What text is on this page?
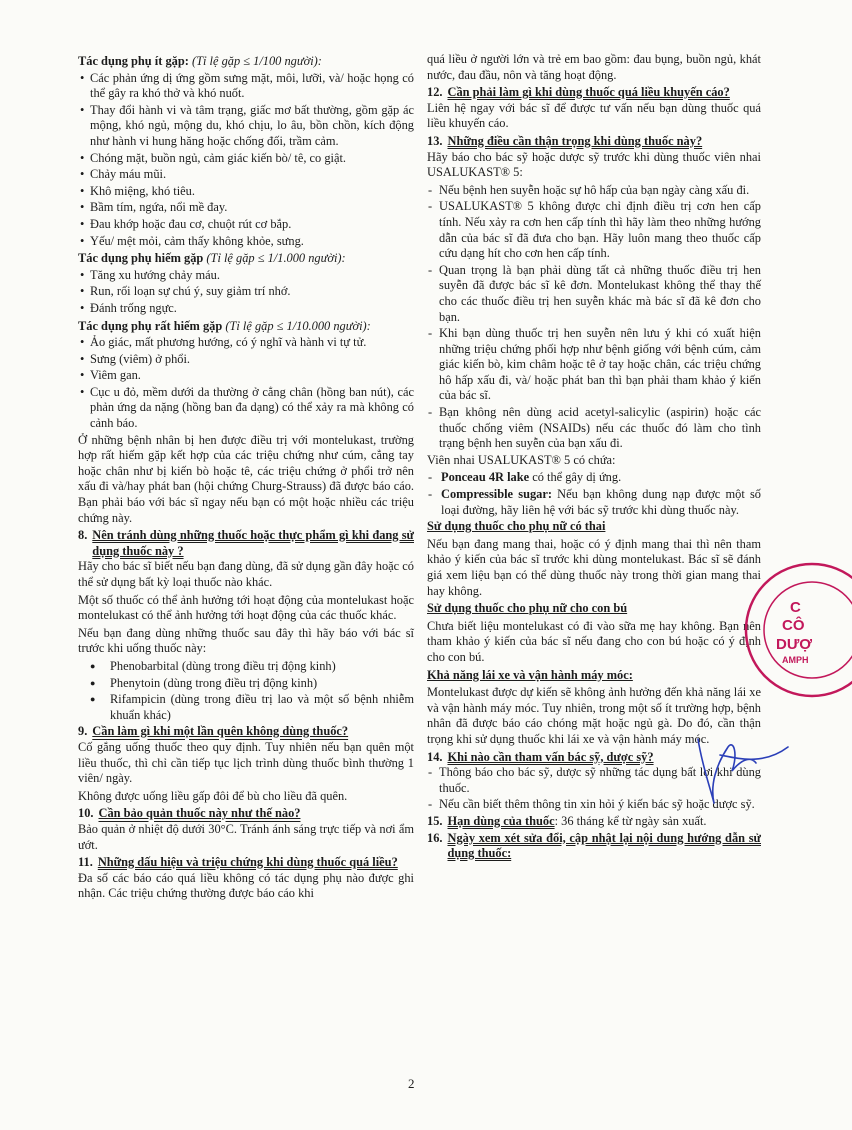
Tác dụng phụ ít gặp: (Tỉ lệ gặp ≤ 1/100 người):

• Các phản ứng dị ứng gồm sưng mặt, môi, lưỡi, và/ hoặc họng có thể gây ra khó thở và khó nuốt.
• Thay đổi hành vi và tâm trạng, giấc mơ bất thường, gồm gặp ác mộng, khó ngủ, mộng du, khó chịu, lo âu, bồn chồn, kích động như hành vi hung hăng hoặc chống đối, trầm cảm.
• Chóng mặt, buồn ngủ, cảm giác kiến bò/ tê, co giật.
• Chảy máu mũi.
• Khô miệng, khó tiêu.
• Bầm tím, ngứa, nổi mề đay.
• Đau khớp hoặc đau cơ, chuột rút cơ bắp.
• Yếu/ mệt mỏi, cảm thấy không khỏe, sưng.

Tác dụng phụ hiếm gặp (Tỉ lệ gặp ≤ 1/1.000 người):

• Tăng xu hướng chảy máu.
• Run, rối loạn sự chú ý, suy giảm trí nhớ.
• Đánh trống ngực.

Tác dụng phụ rất hiếm gặp (Tỉ lệ gặp ≤ 1/10.000 người):

• Ảo giác, mất phương hướng, có ý nghĩ và hành vi tự tử.
• Sưng (viêm) ở phổi.
• Viêm gan.
• Cục u đỏ, mềm dưới da thường ở cẳng chân (hồng ban nút), các phản ứng da nặng (hồng ban đa dạng) có thể xảy ra mà không có cảnh báo.

Ở những bệnh nhân bị hen được điều trị với montelukast, trường hợp rất hiếm gặp kết hợp của các triệu chứng như cúm, cẳng tay hoặc chân như bị kiến bò hoặc tê, các triệu chứng ở phổi trở nên xấu đi và/hay phát ban (hội chứng Churg-Strauss) đã được báo cáo. Bạn phải báo với bác sĩ ngay nếu bạn có một hoặc nhiều các triệu chứng này.

8. Nên tránh dùng những thuốc hoặc thực phẩm gì khi đang sử dụng thuốc này ?

Hãy cho bác sĩ biết nếu bạn đang dùng, đã sử dụng gần đây hoặc có thể sử dụng bất kỳ loại thuốc nào khác.

Một số thuốc có thể ảnh hưởng tới hoạt động của montelukast hoặc montelukast có thể ảnh hưởng tới hoạt động của các thuốc khác.

Nếu bạn đang dùng những thuốc sau đây thì hãy báo với bác sĩ trước khi uống thuốc này:

● Phenobarbital (dùng trong điều trị động kinh)
● Phenytoin (dùng trong điều trị động kinh)
● Rifampicin (dùng trong điều trị lao và một số bệnh nhiễm khuẩn khác)
9. Cần làm gì khi một lần quên không dùng thuốc?

Cố gắng uống thuốc theo quy định. Tuy nhiên nếu bạn quên một liều thuốc, thì chỉ cần tiếp tục lịch trình dùng thuốc bình thường 1 viên/ ngày.

Không được uống liều gấp đôi để bù cho liều đã quên.

10. Cần bảo quản thuốc này như thế nào?

Bảo quản ở nhiệt độ dưới 30°C. Tránh ánh sáng trực tiếp và nơi ẩm ướt.

11. Những dấu hiệu và triệu chứng khi dùng thuốc quá liều?

Đa số các báo cáo quá liều không có tác dụng phụ nào được ghi nhận. Các triệu chứng thường được báo cáo khi

quá liều ở người lớn và trẻ em bao gồm: đau bụng, buồn ngủ, khát nước, đau đầu, nôn và tăng hoạt động.

12. Cần phải làm gì khi dùng thuốc quá liều khuyến cáo?

Liên hệ ngay với bác sĩ để được tư vấn nếu bạn dùng thuốc quá liều khuyến cáo.

13. Những điều cần thận trọng khi dùng thuốc này?

Hãy báo cho bác sỹ hoặc dược sỹ trước khi dùng thuốc viên nhai USALUKAST® 5:

- Nếu bệnh hen suyễn hoặc sự hô hấp của bạn ngày càng xấu đi.
- USALUKAST® 5 không được chỉ định điều trị cơn hen cấp tính. Nếu xảy ra cơn hen cấp tính thì hãy làm theo những hướng dẫn của bác sĩ đã đưa cho bạn. Hãy luôn mang theo thuốc cấp cứu dạng hít cho cơn hen cấp tính.
- Quan trọng là bạn phải dùng tất cả những thuốc điều trị hen suyễn đã được bác sĩ kê đơn. Montelukast không thể thay thế cho các thuốc điều trị hen suyễn khác mà bác sĩ đã kê đơn cho bạn.
- Khi bạn dùng thuốc trị hen suyễn nên lưu ý khi có xuất hiện những triệu chứng phối hợp như bệnh giống với bệnh cúm, cảm giác kiến bò, kim châm hoặc tê ở tay hoặc chân, các triệu chứng hô hấp xấu đi, và/ hoặc phát ban thì bạn phải tham khảo ý kiến của bác sĩ.
- Bạn không nên dùng acid acetyl-salicylic (aspirin) hoặc các thuốc chống viêm (NSAIDs) nếu các thuốc đó làm cho tình trạng bệnh hen suyễn của bạn xấu đi.

Viên nhai USALUKAST® 5 có chứa:

- Ponceau 4R lake có thể gây dị ứng.
- Compressible sugar: Nếu bạn không dung nạp được một số loại đường, hãy liên hệ với bác sỹ trước khi dùng thuốc này.

Sử dụng thuốc cho phụ nữ có thai

Nếu bạn đang mang thai, hoặc có ý định mang thai thì nên tham khảo ý kiến của bác sĩ trước khi dùng montelukast. Bác sĩ sẽ đánh giá xem liệu bạn có thể dùng thuốc này trong thời gian mang thai hay không.

Sử dụng thuốc cho phụ nữ cho con bú

Chưa biết liệu montelukast có đi vào sữa mẹ hay không. Bạn nên tham khảo ý kiến của bác sĩ nếu đang cho con bú hoặc có ý định cho con bú.

Khả năng lái xe và vận hành máy móc:

Montelukast được dự kiến sẽ không ảnh hưởng đến khả năng lái xe và vận hành máy móc. Tuy nhiên, trong một số ít trường hợp, bệnh nhân đã được báo cáo chóng mặt hoặc ngủ gà. Do đó, cần thận trọng khi sử dụng thuốc khi lái xe và vận hành máy móc.

14. Khi nào cần tham vấn bác sỹ, dược sỹ?
- Thông báo cho bác sỹ, dược sỹ những tác dụng bất lợi khi dùng thuốc.
- Nếu cần biết thêm thông tin xin hỏi ý kiến bác sỹ hoặc dược sỹ.
15. Hạn dùng của thuốc: 36 tháng kể từ ngày sản xuất.
16. Ngày xem xét sửa đổi, cập nhật lại nội dung hướng dẫn sử dụng thuốc:
2
C
CÔ
DƯỢ
AMPH
